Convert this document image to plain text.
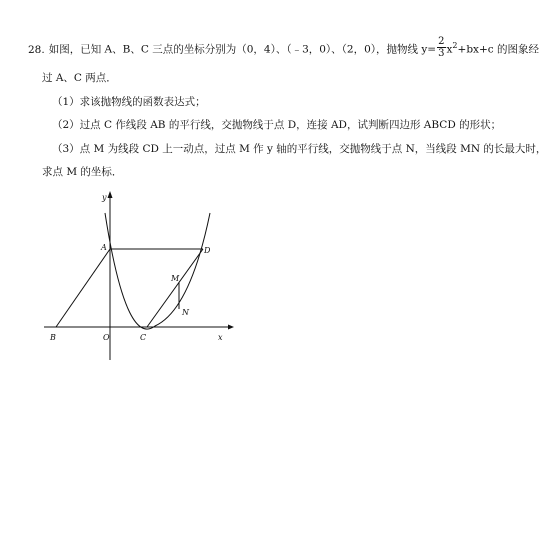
28. 如图，已知 A、B、C 三点的坐标分别为（0，4）、（﹣3，0）、（2，0），抛物线 $y= \frac{2}{3} x^2+bx+c$ 的图象经
过 A、C 两点．
（1）求该抛物线的函数表达式；
（2）过点 C 作线段 AB 的平行线，交抛物线于点 D，连接 AD，试判断四边形 ABCD 的形状；
（3）点 M 为线段 CD 上一动点，过点 M 作 y 轴的平行线，交抛物线于点 N，当线段 MN 的长最大时，
求点 M 的坐标．
y
x
O
A
B	C
D
M
N
